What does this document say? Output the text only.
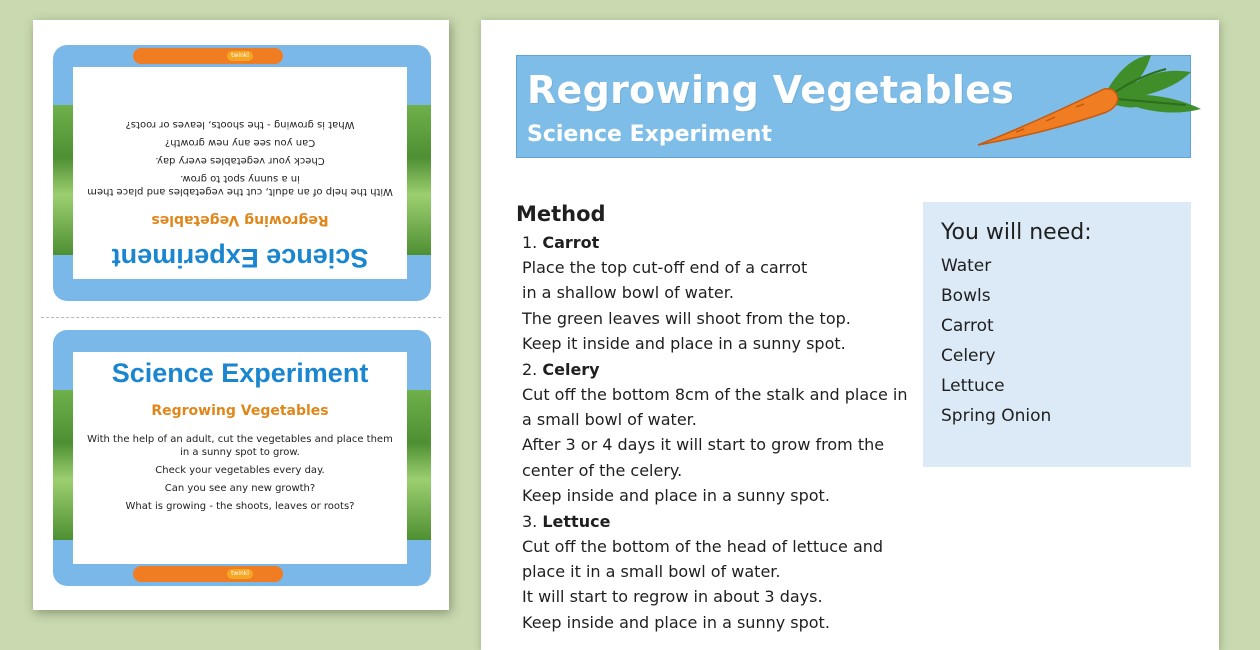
twinkl
Science Experiment
Regrowing Vegetables

With the help of an adult, cut the vegetables and place them in a sunny spot to grow.

Check your vegetables every day.

Can you see any new growth?

What is growing - the shoots, leaves or roots?

twinkl
Science Experiment
Regrowing Vegetables

With the help of an adult, cut the vegetables and place them in a sunny spot to grow.

Check your vegetables every day.

Can you see any new growth?

What is growing - the shoots, leaves or roots?

Regrowing Vegetables
Science Experiment
Method
1. Carrot
Place the top cut-off end of a carrot
in a shallow bowl of water.
The green leaves will shoot from the top.
Keep it inside and place in a sunny spot.
2. Celery
Cut off the bottom 8cm of the stalk and place in
a small bowl of water.
After 3 or 4 days it will start to grow from the
center of the celery.
Keep inside and place in a sunny spot.
3. Lettuce
Cut off the bottom of the head of lettuce and
place it in a small bowl of water.
It will start to regrow in about 3 days.
Keep inside and place in a sunny spot.
You will need:
Water
Bowls
Carrot
Celery
Lettuce
Spring Onion
